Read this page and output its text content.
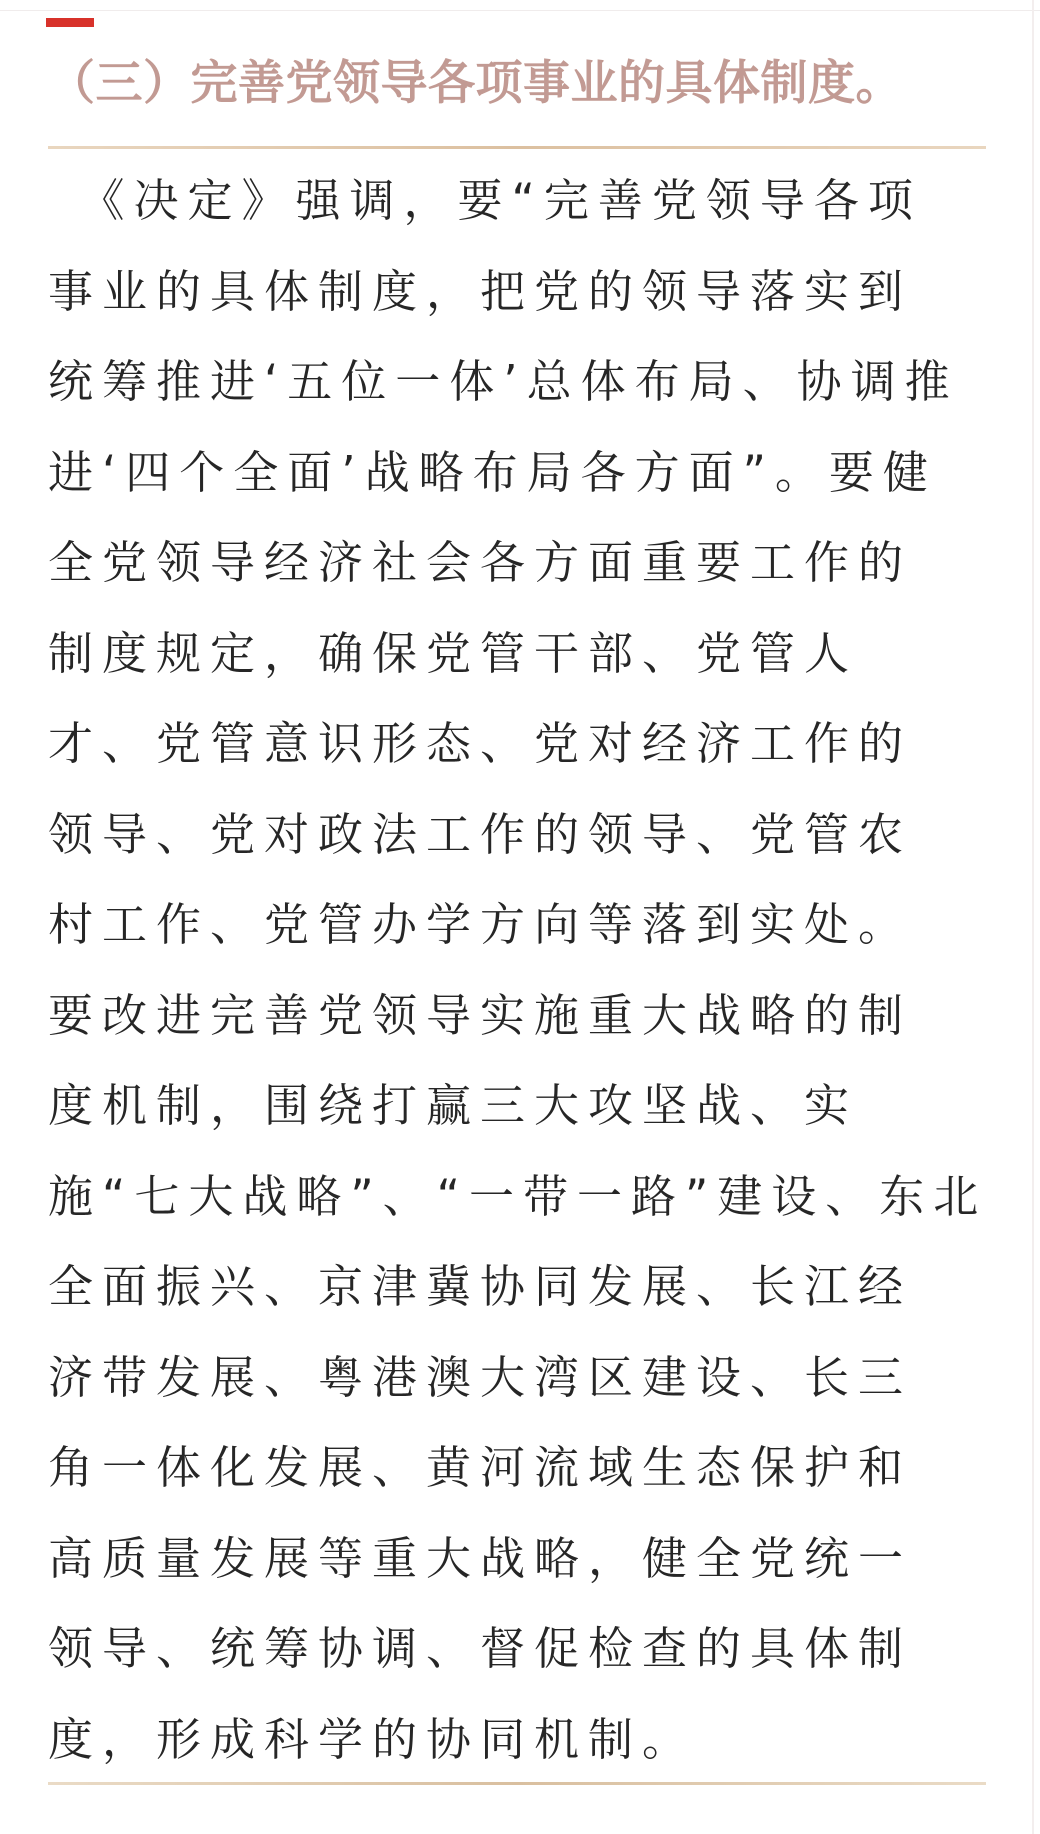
（三）完善党领导各项事业的具体制度。
　《决定》强调，要“完善党领导各项
事业的具体制度，把党的领导落实到
统筹推进‘五位一体’总体布局、协调推
进‘四个全面’战略布局各方面”。要健
全党领导经济社会各方面重要工作的
制度规定，确保党管干部、党管人
才、党管意识形态、党对经济工作的
领导、党对政法工作的领导、党管农
村工作、党管办学方向等落到实处。
要改进完善党领导实施重大战略的制
度机制，围绕打赢三大攻坚战、实
施“七大战略”、“一带一路”建设、东北
全面振兴、京津冀协同发展、长江经
济带发展、粤港澳大湾区建设、长三
角一体化发展、黄河流域生态保护和
高质量发展等重大战略，健全党统一
领导、统筹协调、督促检查的具体制
度，形成科学的协同机制。
